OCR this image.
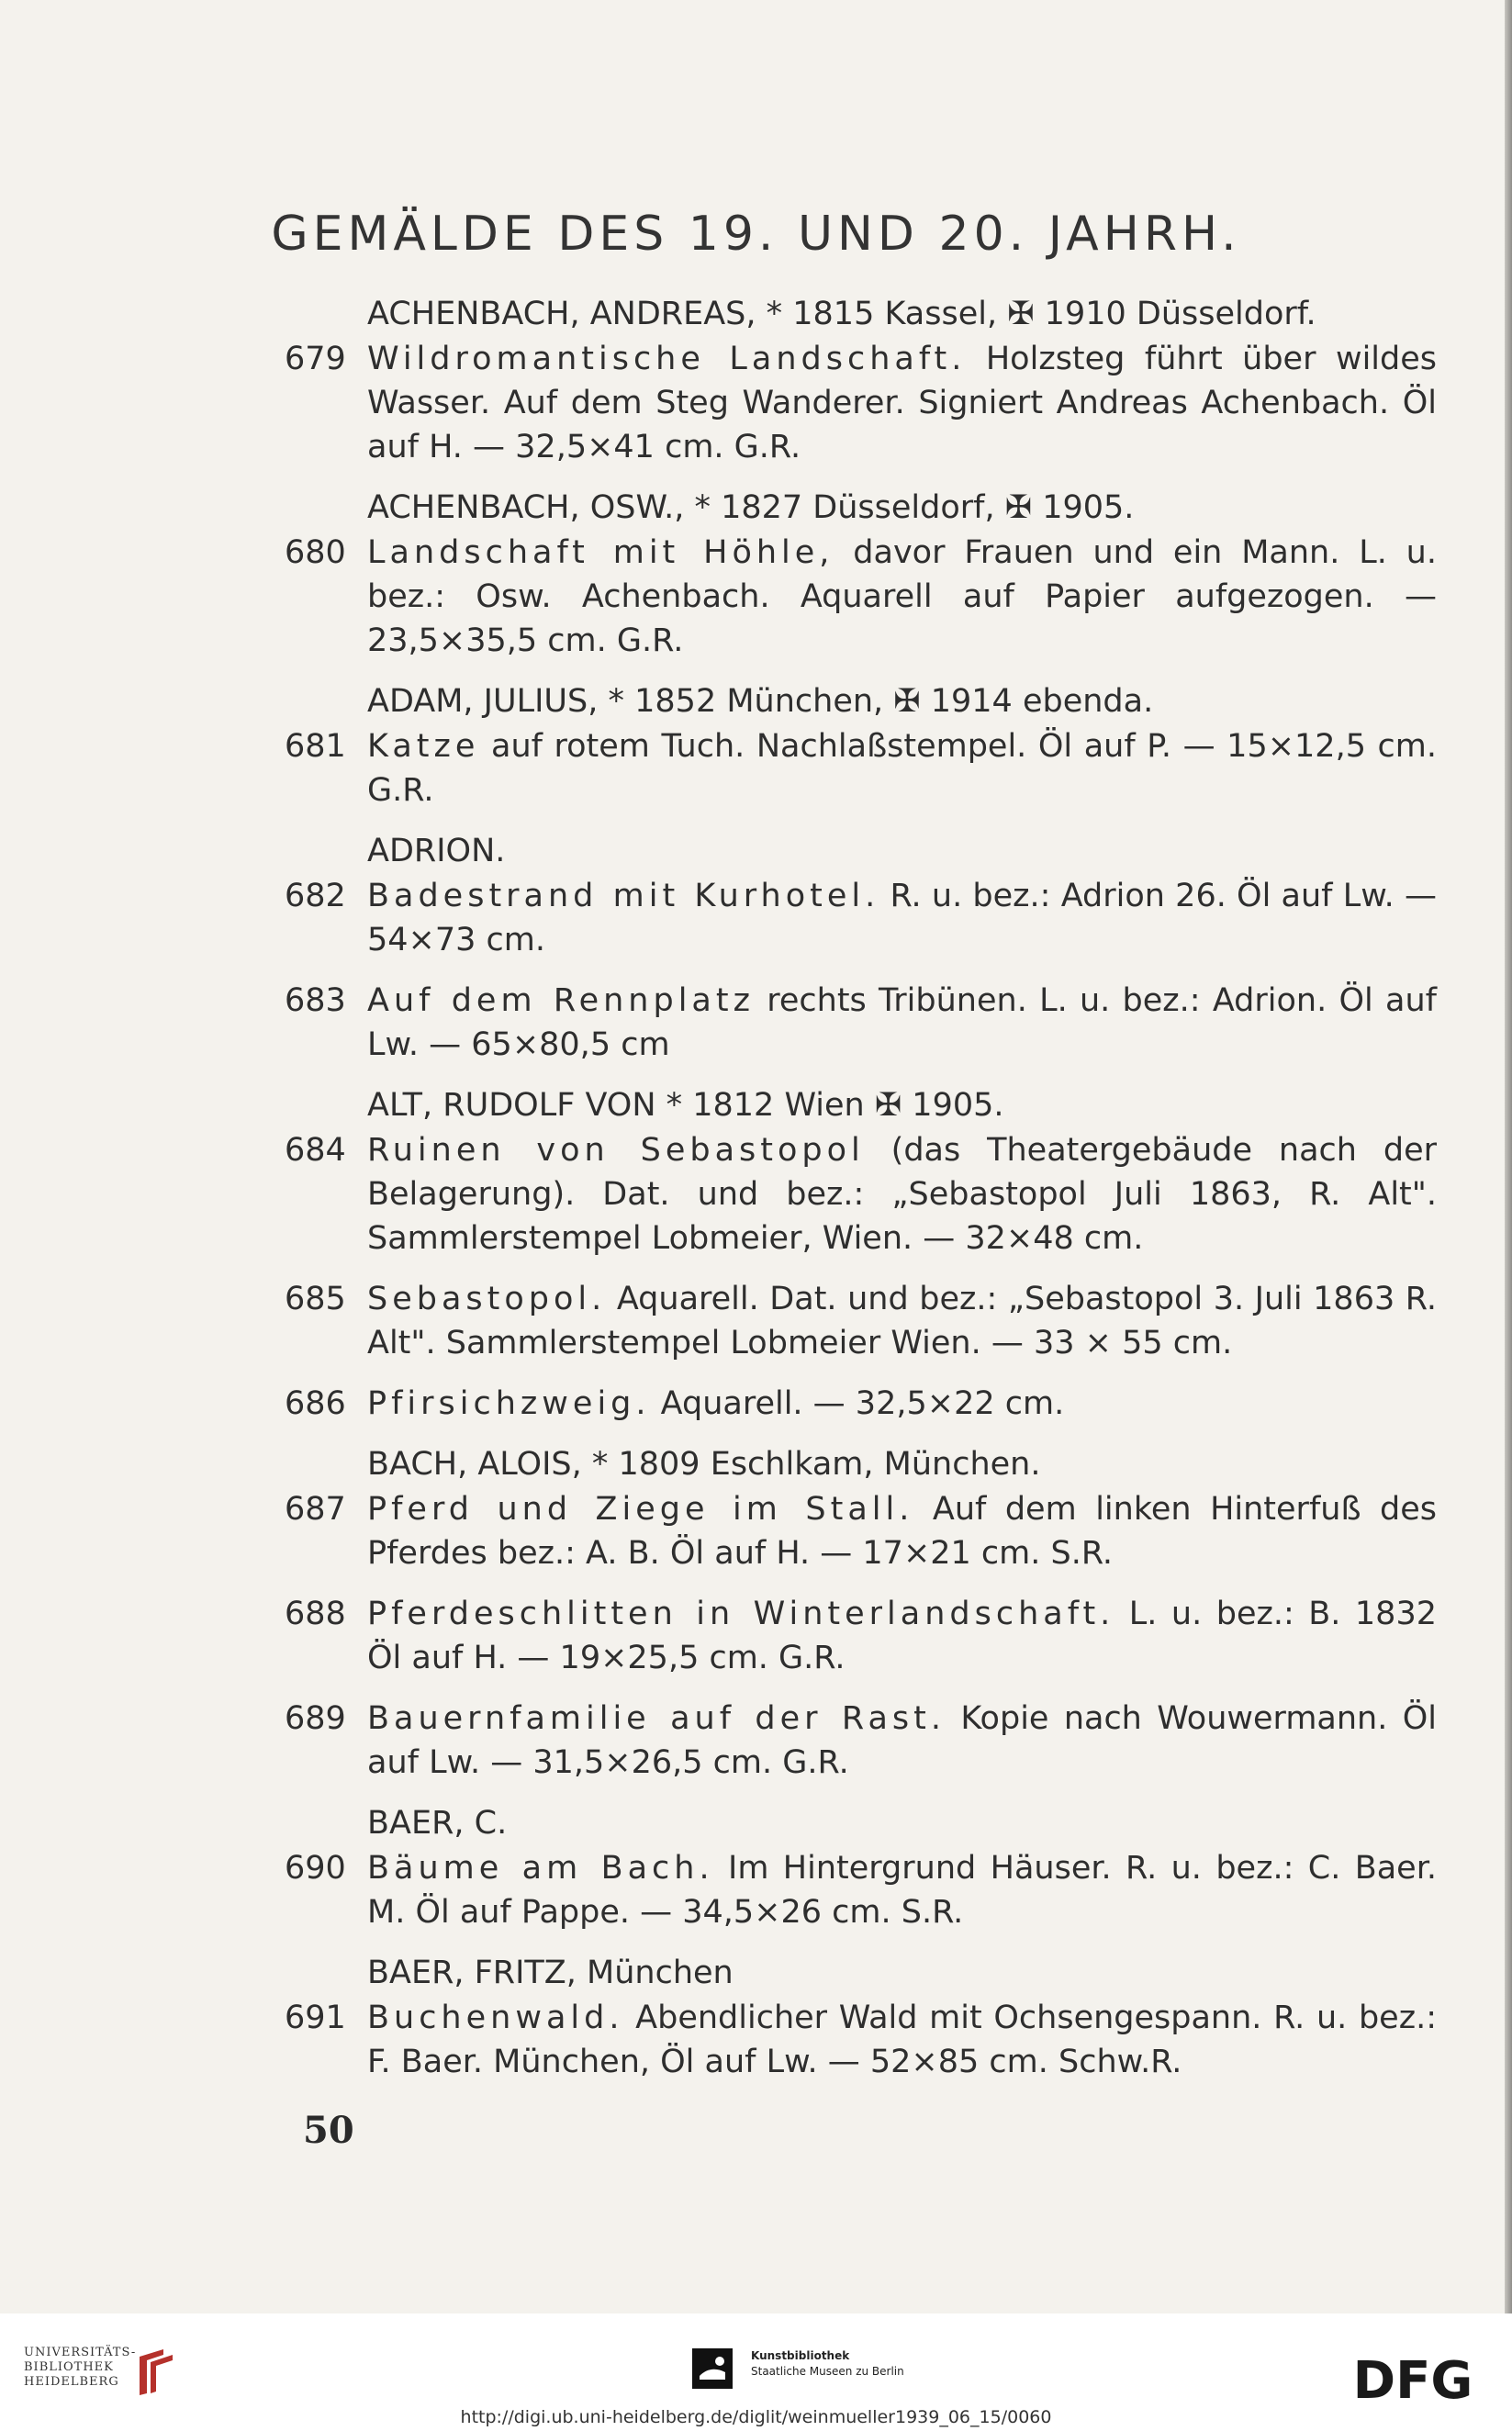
GEMÄLDE DES 19. UND 20. JAHRH.
ACHENBACH, ANDREAS, * 1815 Kassel, ✠ 1910 Düsseldorf.
679 Wildromantische Landschaft. Holzsteg führt über wildes Wasser. Auf dem Steg Wanderer. Signiert Andreas Achenbach. Öl auf H. — 32,5×41 cm. G.R.
ACHENBACH, OSW., * 1827 Düsseldorf, ✠ 1905.
680 Landschaft mit Höhle, davor Frauen und ein Mann. L. u. bez.: Osw. Achenbach. Aquarell auf Papier aufgezogen. — 23,5×35,5 cm. G.R.
ADAM, JULIUS, * 1852 München, ✠ 1914 ebenda.
681 Katze auf rotem Tuch. Nachlaßstempel. Öl auf P. — 15×12,5 cm. G.R.
ADRION.
682 Badestrand mit Kurhotel. R. u. bez.: Adrion 26. Öl auf Lw. — 54×73 cm.
683 Auf dem Rennplatz rechts Tribünen. L. u. bez.: Adrion. Öl auf Lw. — 65×80,5 cm
ALT, RUDOLF VON * 1812 Wien ✠ 1905.
684 Ruinen von Sebastopol (das Theatergebäude nach der Belagerung). Dat. und bez.: „Sebastopol Juli 1863, R. Alt". Sammlerstempel Lobmeier, Wien. — 32×48 cm.
685 Sebastopol. Aquarell. Dat. und bez.: „Sebastopol 3. Juli 1863 R. Alt". Sammlerstempel Lobmeier Wien. — 33 × 55 cm.
686 Pfirsichzweig. Aquarell. — 32,5×22 cm.
BACH, ALOIS, * 1809 Eschlkam, München.
687 Pferd und Ziege im Stall. Auf dem linken Hinterfuß des Pferdes bez.: A. B. Öl auf H. — 17×21 cm. S.R.
688 Pferdeschlitten in Winterlandschaft. L. u. bez.: B. 1832 Öl auf H. — 19×25,5 cm. G.R.
689 Bauernfamilie auf der Rast. Kopie nach Wouwermann. Öl auf Lw. — 31,5×26,5 cm. G.R.
BAER, C.
690 Bäume am Bach. Im Hintergrund Häuser. R. u. bez.: C. Baer. M. Öl auf Pappe. — 34,5×26 cm. S.R.
BAER, FRITZ, München
691 Buchenwald. Abendlicher Wald mit Ochsengespann. R. u. bez.: F. Baer. München, Öl auf Lw. — 52×85 cm. Schw.R.
50
UNIVERSITÄTS-
BIBLIOTHEK
HEIDELBERG
Kunstbibliothek
Staatliche Museen zu Berlin	DFG
http://digi.ub.uni-heidelberg.de/diglit/weinmueller1939_06_15/0060
